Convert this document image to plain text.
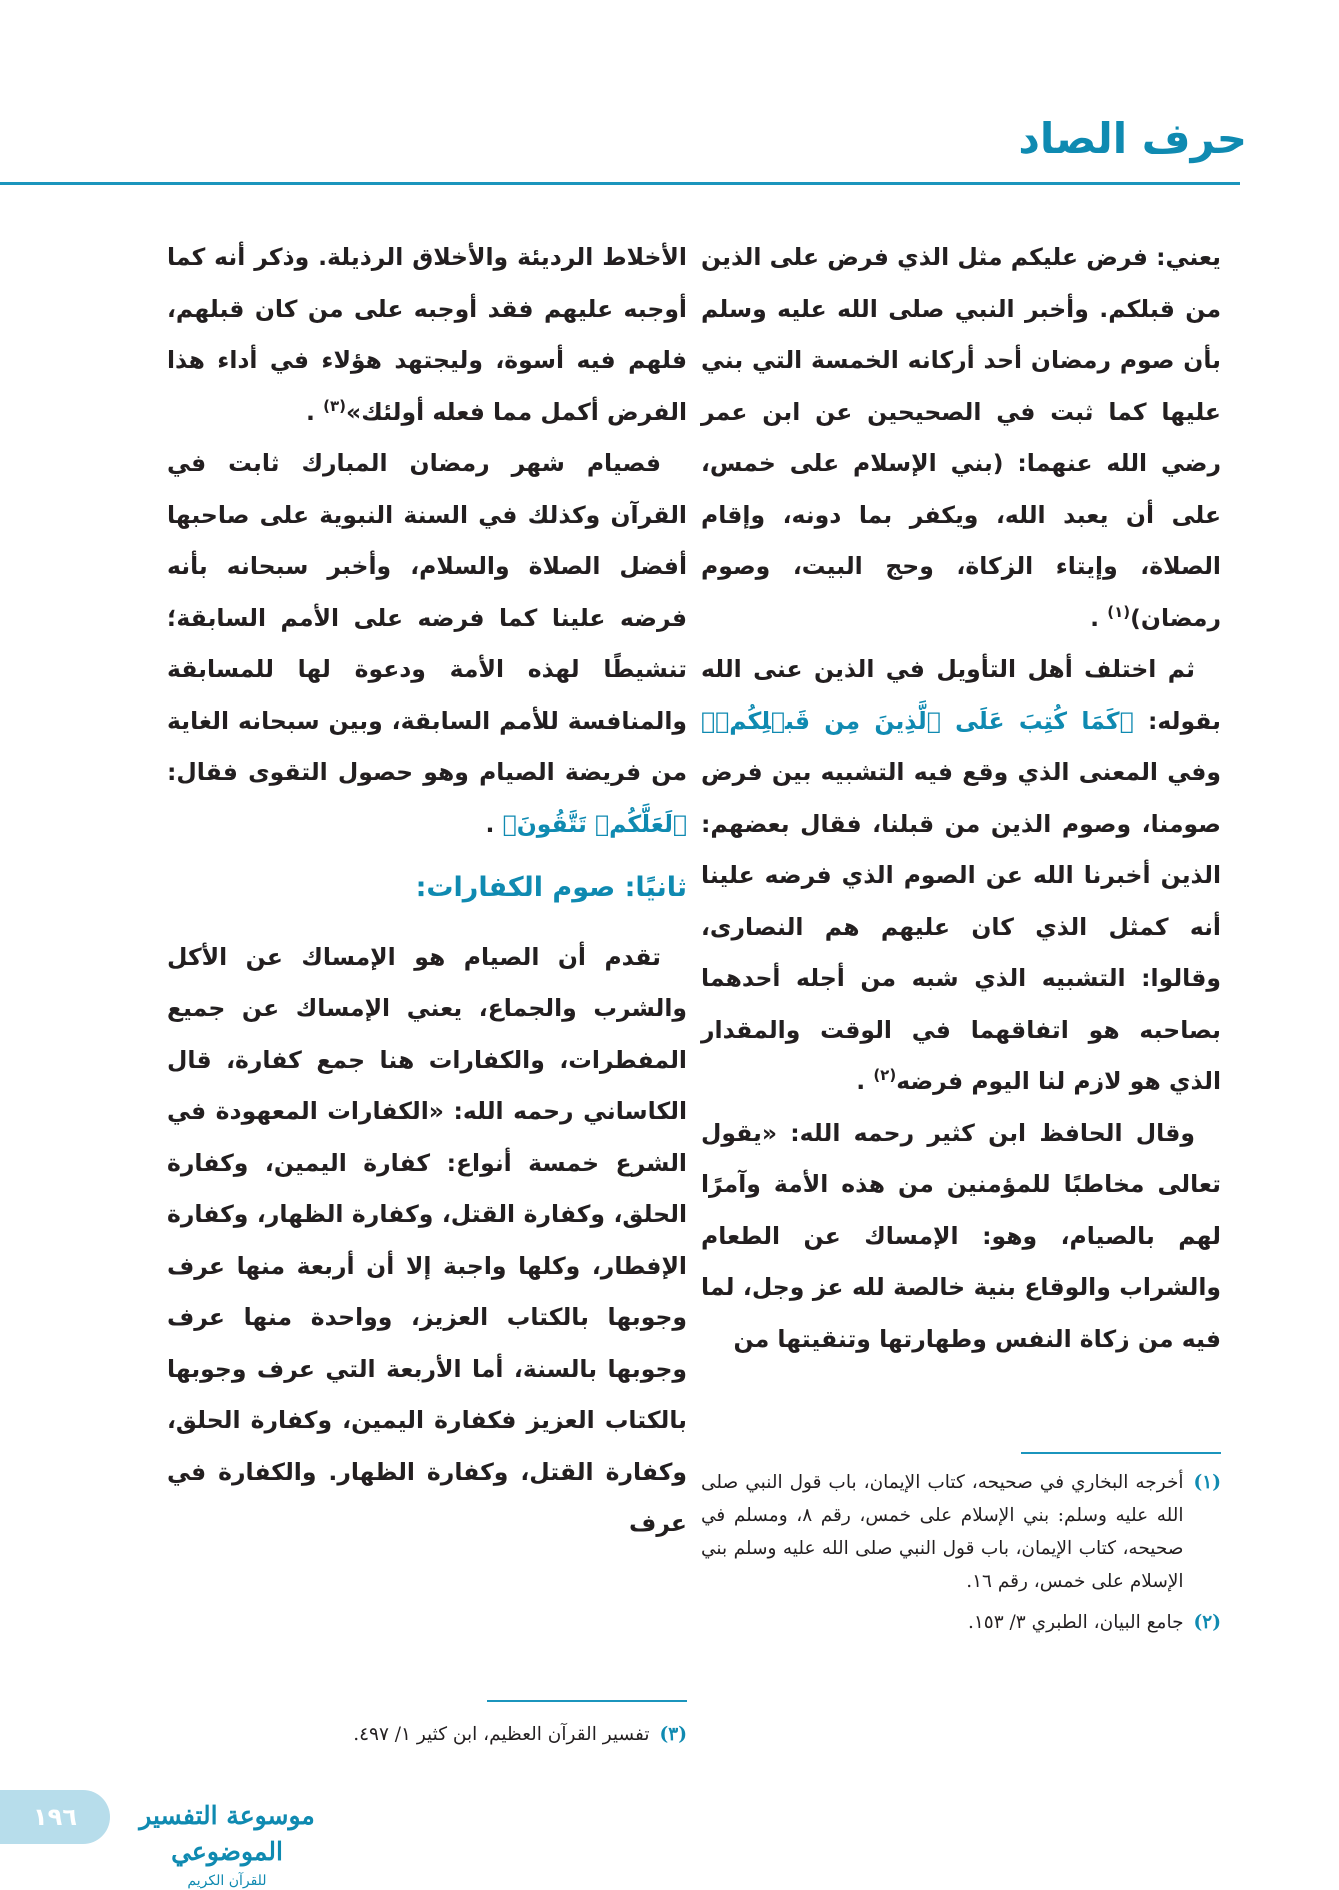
حرف الصاد

يعني: فرض عليكم مثل الذي فرض على الذين من قبلكم. وأخبر النبي صلى الله عليه وسلم بأن صوم رمضان أحد أركانه الخمسة التي بني عليها كما ثبت في الصحيحين عن ابن عمر رضي الله عنهما: (بني الإسلام على خمس، على أن يعبد الله، ويكفر بما دونه، وإقام الصلاة، وإيتاء الزكاة، وحج البيت، وصوم رمضان)$^{(١)}$ .

ثم اختلف أهل التأويل في الذين عنى الله بقوله: ﴿كَمَا كُتِبَ عَلَى ٱلَّذِينَ مِن قَبۡلِكُمۡ﴾ وفي المعنى الذي وقع فيه التشبيه بين فرض صومنا، وصوم الذين من قبلنا، فقال بعضهم: الذين أخبرنا الله عن الصوم الذي فرضه علينا أنه كمثل الذي كان عليهم هم النصارى، وقالوا: التشبيه الذي شبه من أجله أحدهما بصاحبه هو اتفاقهما في الوقت والمقدار الذي هو لازم لنا اليوم فرضه$^{(٢)}$ .

وقال الحافظ ابن كثير رحمه الله: «يقول تعالى مخاطبًا للمؤمنين من هذه الأمة وآمرًا لهم بالصيام، وهو: الإمساك عن الطعام والشراب والوقاع بنية خالصة لله عز وجل، لما فيه من زكاة النفس وطهارتها وتنقيتها من

الأخلاط الرديئة والأخلاق الرذيلة. وذكر أنه كما أوجبه عليهم فقد أوجبه على من كان قبلهم، فلهم فيه أسوة، وليجتهد هؤلاء في أداء هذا الفرض أكمل مما فعله أولئك»$^{(٣)}$ .

فصيام شهر رمضان المبارك ثابت في القرآن وكذلك في السنة النبوية على صاحبها أفضل الصلاة والسلام، وأخبر سبحانه بأنه فرضه علينا كما فرضه على الأمم السابقة؛ تنشيطًا لهذه الأمة ودعوة لها للمسابقة والمنافسة للأمم السابقة، وبين سبحانه الغاية من فريضة الصيام وهو حصول التقوى فقال: ﴿لَعَلَّكُمۡ تَتَّقُونَ﴾ .

ثانيًا: صوم الكفارات:

تقدم أن الصيام هو الإمساك عن الأكل والشرب والجماع، يعني الإمساك عن جميع المفطرات، والكفارات هنا جمع كفارة، قال الكاساني رحمه الله: «الكفارات المعهودة في الشرع خمسة أنواع: كفارة اليمين، وكفارة الحلق، وكفارة القتل، وكفارة الظهار، وكفارة الإفطار، وكلها واجبة إلا أن أربعة منها عرف وجوبها بالكتاب العزيز، وواحدة منها عرف وجوبها بالسنة، أما الأربعة التي عرف وجوبها بالكتاب العزيز فكفارة اليمين، وكفارة الحلق، وكفارة القتل، وكفارة الظهار. والكفارة في عرف

(١)
أخرجه البخاري في صحيحه، كتاب الإيمان، باب قول النبي صلى الله عليه وسلم: بني الإسلام على خمس، رقم ٨، ومسلم في صحيحه، كتاب الإيمان، باب قول النبي صلى الله عليه وسلم بني الإسلام على خمس، رقم ١٦.
(٢)
جامع البيان، الطبري ٣/ ١٥٣.
(٣)
تفسير القرآن العظيم، ابن كثير ١/ ٤٩٧.
موسوعة التفسير الموضوعي
للقرآن الكريم
١٩٦
